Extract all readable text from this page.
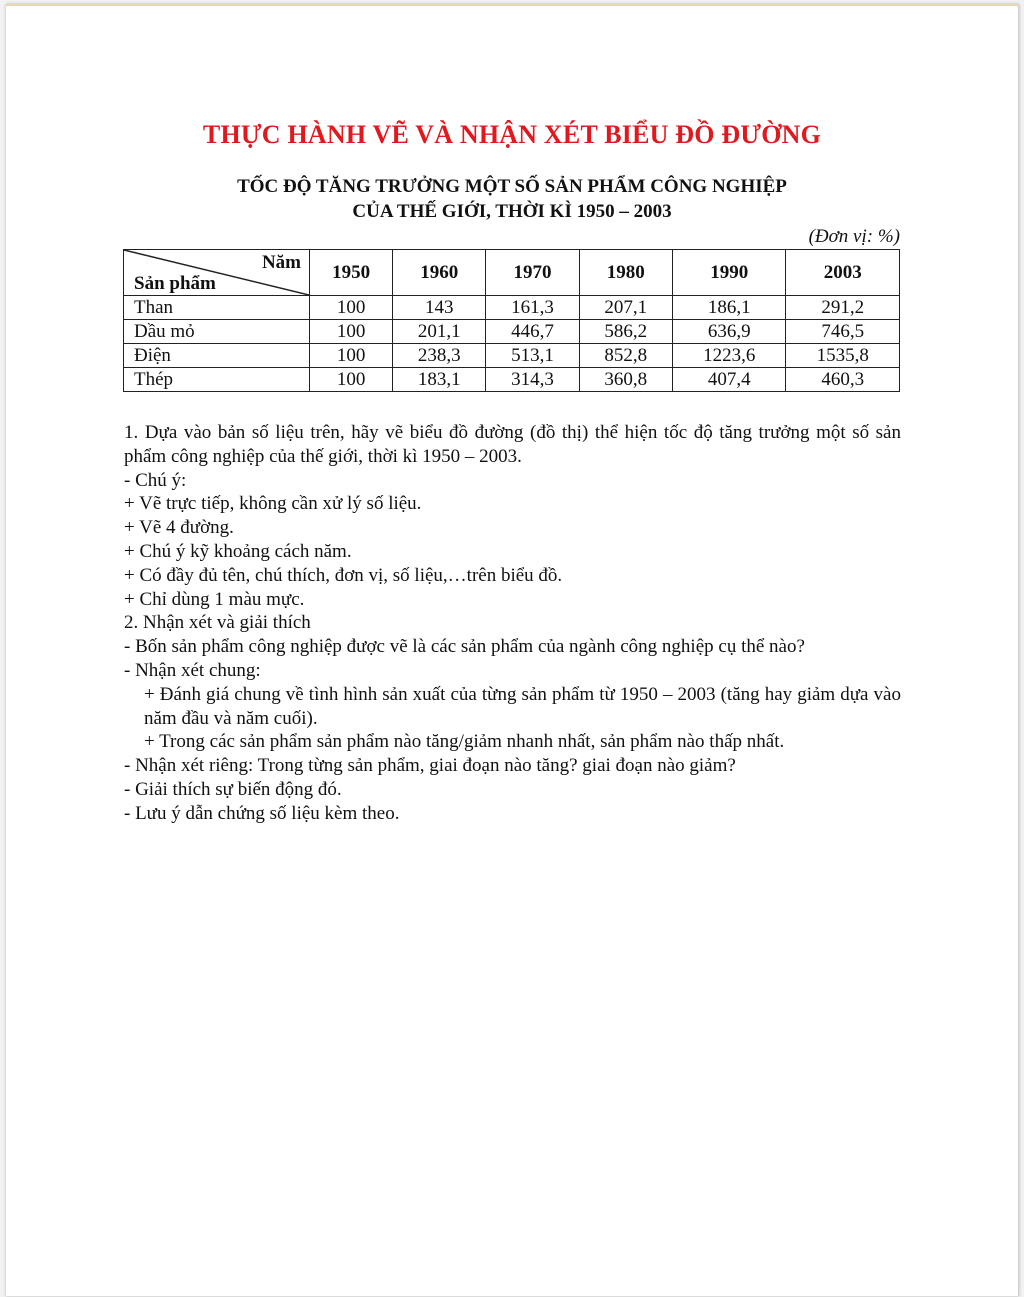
THỰC HÀNH VẼ VÀ NHẬN XÉT BIỂU ĐỒ ĐƯỜNG
TỐC ĐỘ TĂNG TRƯỞNG MỘT SỐ SẢN PHẨM CÔNG NGHIỆP
CỦA THẾ GIỚI, THỜI KÌ 1950 – 2003
(Đơn vị: %)
Năm
Sản phẩm	1950	1960	1970	1980	1990	2003
Than	100	143	161,3	207,1	186,1	291,2
Dầu mỏ	100	201,1	446,7	586,2	636,9	746,5
Điện	100	238,3	513,1	852,8	1223,6	1535,8
Thép	100	183,1	314,3	360,8	407,4	460,3
1. Dựa vào bản số liệu trên, hãy vẽ biểu đồ đường (đồ thị) thể hiện tốc độ tăng trưởng một số sản phẩm công nghiệp của thế giới, thời kì 1950 – 2003.
- Chú ý:
+ Vẽ trực tiếp, không cần xử lý số liệu.
+ Vẽ 4 đường.
+ Chú ý kỹ khoảng cách năm.
+ Có đầy đủ tên, chú thích, đơn vị, số liệu,…trên biểu đồ.
+ Chỉ dùng 1 màu mực.
2. Nhận xét và giải thích
- Bốn sản phẩm công nghiệp được vẽ là các sản phẩm của ngành công nghiệp cụ thể nào?
- Nhận xét chung:
+ Đánh giá chung về tình hình sản xuất của từng sản phẩm từ 1950 – 2003 (tăng hay giảm dựa vào năm đầu và năm cuối).
+ Trong các sản phẩm sản phẩm nào tăng/giảm nhanh nhất, sản phẩm nào thấp nhất.
- Nhận xét riêng: Trong từng sản phẩm, giai đoạn nào tăng? giai đoạn nào giảm?
- Giải thích sự biến động đó.
- Lưu ý dẫn chứng số liệu kèm theo.
